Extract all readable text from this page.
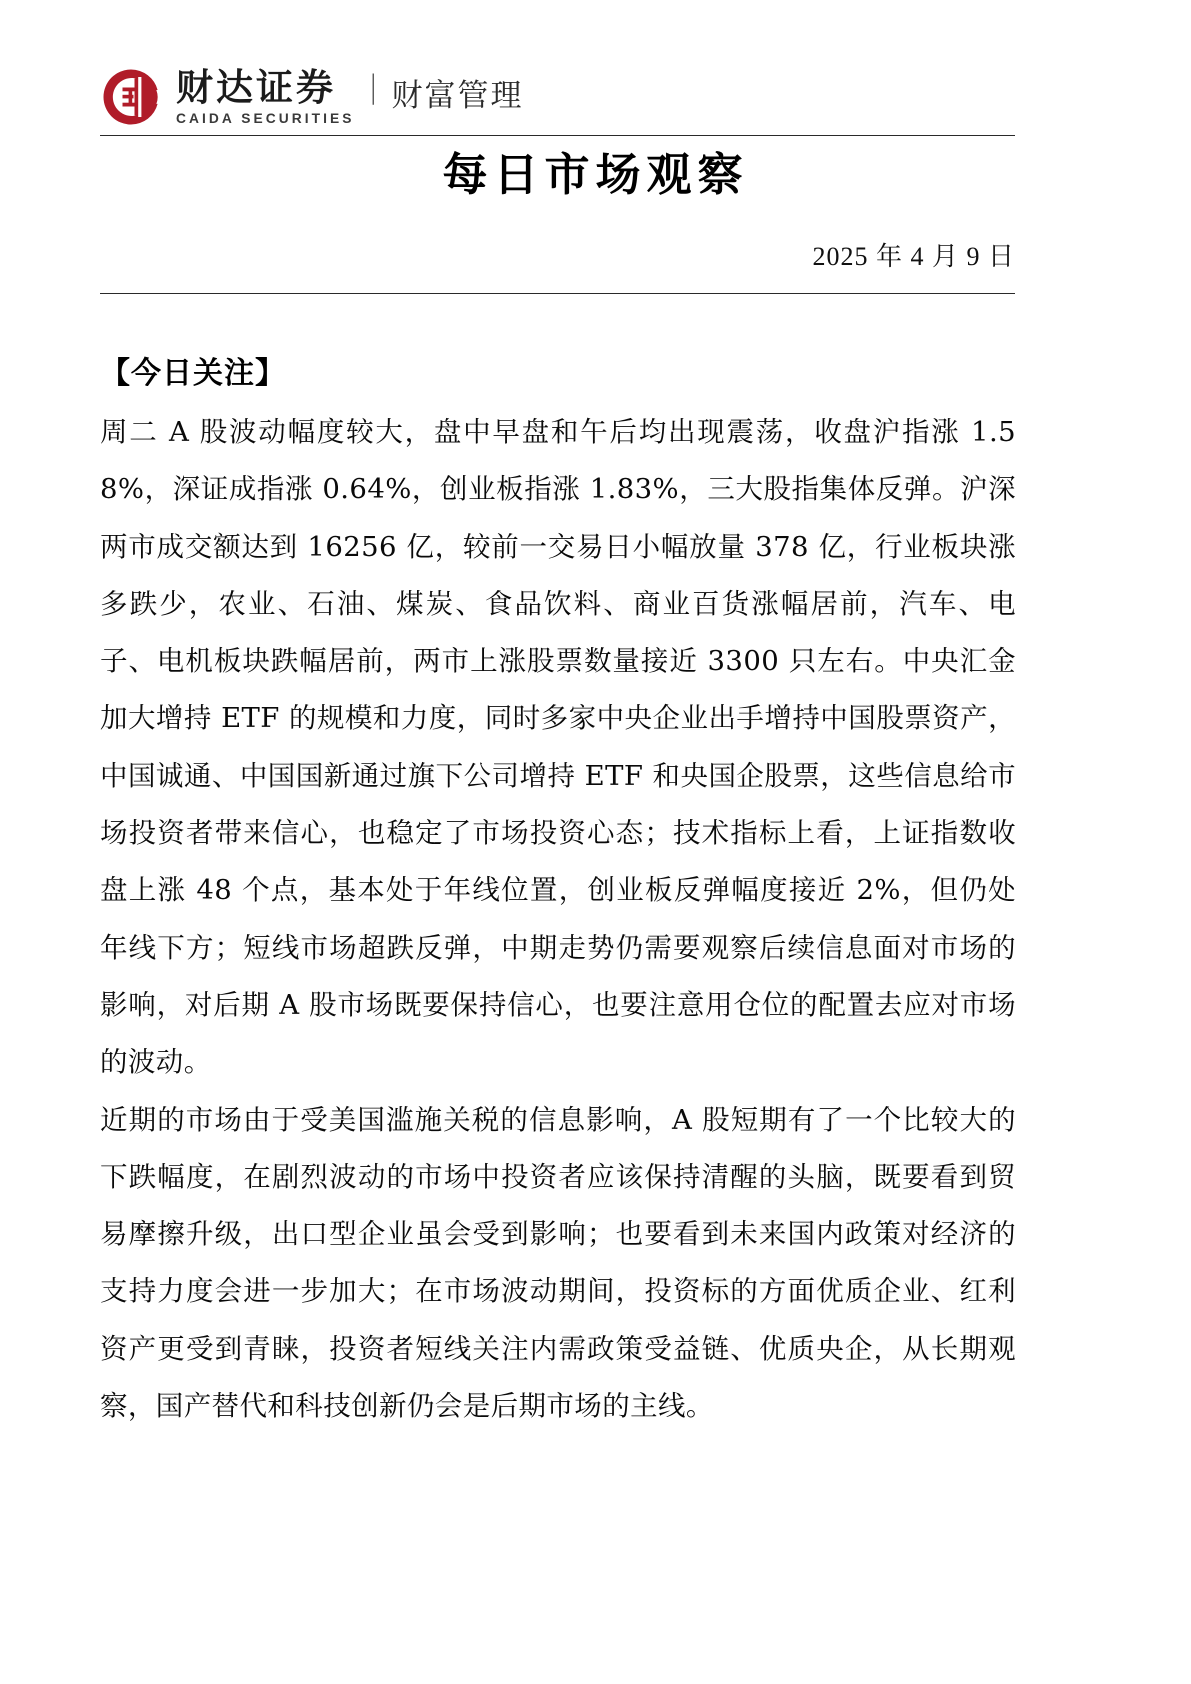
财达证券
CAIDA SECURITIES
| 财富管理
每日市场观察
2025 年 4 月 9 日
【今日关注】

周二 A 股波动幅度较大，盘中早盘和午后均出现震荡，收盘沪指涨 1.58%，深证成指涨 0.64%，创业板指涨 1.83%，三大股指集体反弹。沪深两市成交额达到 16256 亿，较前一交易日小幅放量 378 亿，行业板块涨多跌少，农业、石油、煤炭、食品饮料、商业百货涨幅居前，汽车、电子、电机板块跌幅居前，两市上涨股票数量接近 3300 只左右。中央汇金加大增持 ETF 的规模和力度，同时多家中央企业出手增持中国股票资产，中国诚通、中国国新通过旗下公司增持 ETF 和央国企股票，这些信息给市场投资者带来信心，也稳定了市场投资心态；技术指标上看，上证指数收盘上涨 48 个点，基本处于年线位置，创业板反弹幅度接近 2%，但仍处年线下方；短线市场超跌反弹，中期走势仍需要观察后续信息面对市场的影响，对后期 A 股市场既要保持信心，也要注意用仓位的配置去应对市场的波动。

近期的市场由于受美国滥施关税的信息影响，A 股短期有了一个比较大的下跌幅度，在剧烈波动的市场中投资者应该保持清醒的头脑，既要看到贸易摩擦升级，出口型企业虽会受到影响；也要看到未来国内政策对经济的支持力度会进一步加大；在市场波动期间，投资标的方面优质企业、红利资产更受到青睐，投资者短线关注内需政策受益链、优质央企，从长期观察，国产替代和科技创新仍会是后期市场的主线。
